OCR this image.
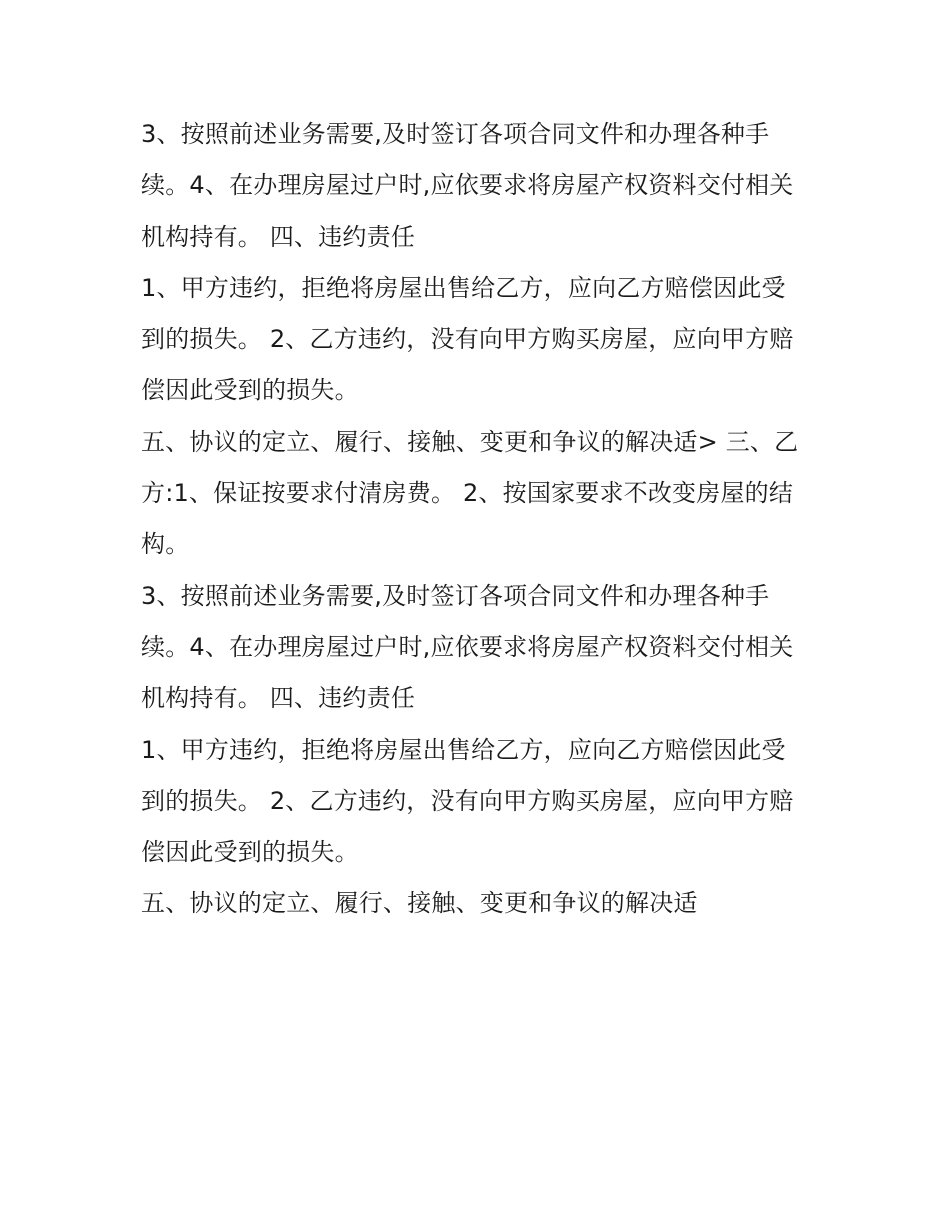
3、按照前述业务需要,及时签订各项合同文件和办理各种手
续。4、在办理房屋过户时,应依要求将房屋产权资料交付相关
机构持有。 四、违约责任
1、甲方违约，拒绝将房屋出售给乙方，应向乙方赔偿因此受
到的损失。 2、乙方违约，没有向甲方购买房屋，应向甲方赔
偿因此受到的损失。
五、协议的定立、履行、接触、变更和争议的解决适> 三、乙
方:1、保证按要求付清房费。 2、按国家要求不改变房屋的结
构。
3、按照前述业务需要,及时签订各项合同文件和办理各种手
续。4、在办理房屋过户时,应依要求将房屋产权资料交付相关
机构持有。 四、违约责任
1、甲方违约，拒绝将房屋出售给乙方，应向乙方赔偿因此受
到的损失。 2、乙方违约，没有向甲方购买房屋，应向甲方赔
偿因此受到的损失。
五、协议的定立、履行、接触、变更和争议的解决适
